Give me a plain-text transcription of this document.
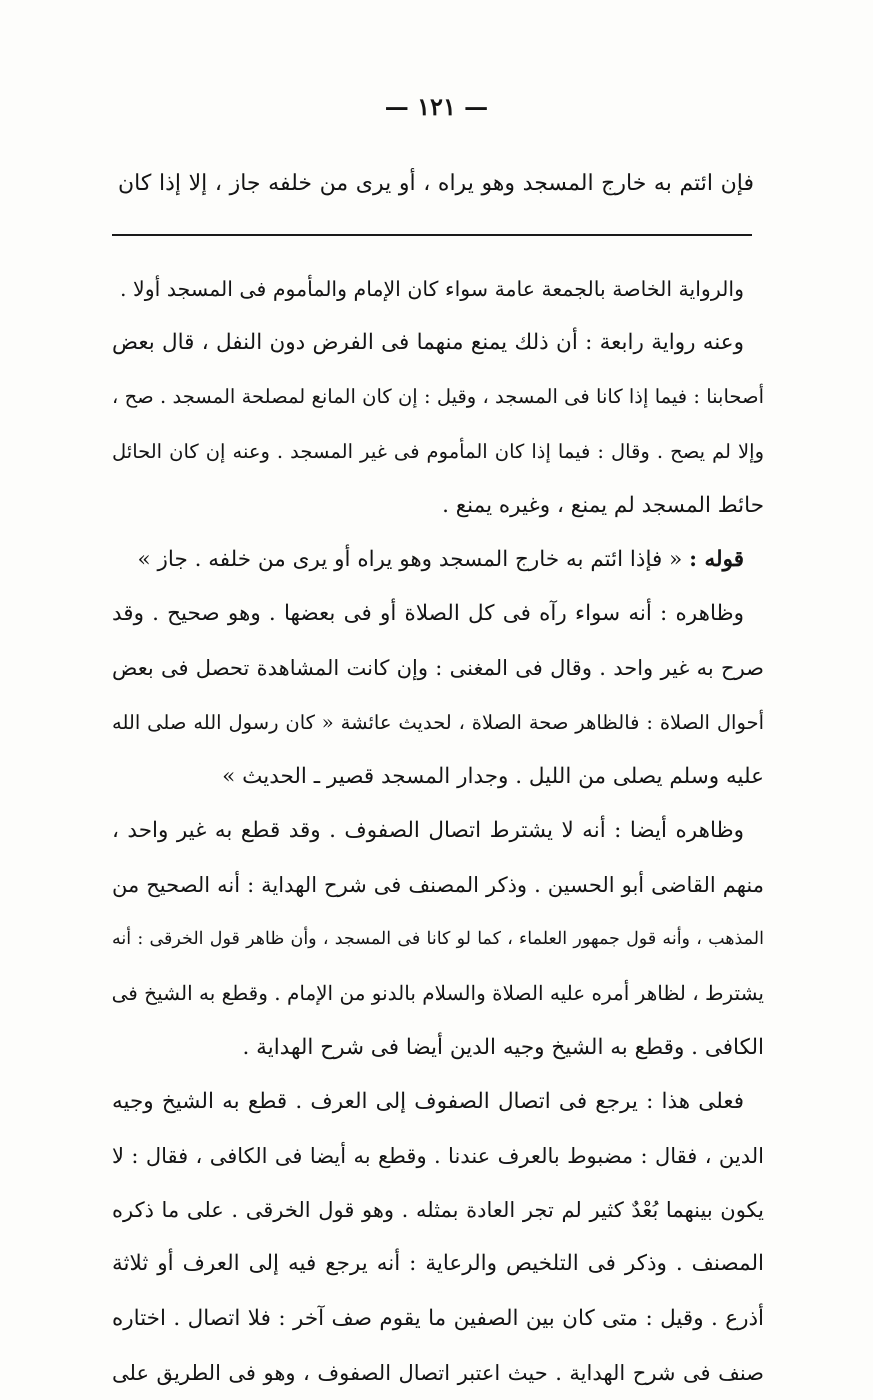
— ١٢١ —
فإن ائتم به خارج المسجد وهو يراه ، أو يرى من خلفه جاز ، إلا إذا كان
والرواية الخاصة بالجمعة عامة سواء كان الإمام والمأموم فى المسجد أولا .
وعنه رواية رابعة : أن ذلك يمنع منهما فى الفرض دون النفل ، قال بعض
أصحابنا : فيما إذا كانا فى المسجد ، وقيل : إن كان المانع لمصلحة المسجد . صح ،
وإلا لم يصح . وقال : فيما إذا كان المأموم فى غير المسجد . وعنه إن كان الحائل
حائط المسجد لم يمنع ، وغيره يمنع .
قوله : « فإذا ائتم به خارج المسجد وهو يراه أو يرى من خلفه . جاز »
وظاهره : أنه سواء رآه فى كل الصلاة أو فى بعضها . وهو صحيح . وقد
صرح به غير واحد . وقال فى المغنى : وإن كانت المشاهدة تحصل فى بعض
أحوال الصلاة : فالظاهر صحة الصلاة ، لحديث عائشة « كان رسول الله صلى الله
عليه وسلم يصلى من الليل . وجدار المسجد قصير ـ الحديث »
وظاهره أيضا : أنه لا يشترط اتصال الصفوف . وقد قطع به غير واحد ،
منهم القاضى أبو الحسين . وذكر المصنف فى شرح الهداية : أنه الصحيح من
المذهب ، وأنه قول جمهور العلماء ، كما لو كانا فى المسجد ، وأن ظاهر قول الخرقى : أنه
يشترط ، لظاهر أمره عليه الصلاة والسلام بالدنو من الإمام . وقطع به الشيخ فى
الكافى . وقطع به الشيخ وجيه الدين أيضا فى شرح الهداية .
فعلى هذا : يرجع فى اتصال الصفوف إلى العرف . قطع به الشيخ وجيه
الدين ، فقال : مضبوط بالعرف عندنا . وقطع به أيضا فى الكافى ، فقال : لا
يكون بينهما بُعْدٌ كثير لم تجر العادة بمثله . وهو قول الخرقى . على ما ذكره
المصنف . وذكر فى التلخيص والرعاية : أنه يرجع فيه إلى العرف أو ثلاثة
أذرع . وقيل : متى كان بين الصفين ما يقوم صف آخر : فلا اتصال . اختاره
صنف فى شرح الهداية . حيث اعتبر اتصال الصفوف ، وهو فى الطريق على
